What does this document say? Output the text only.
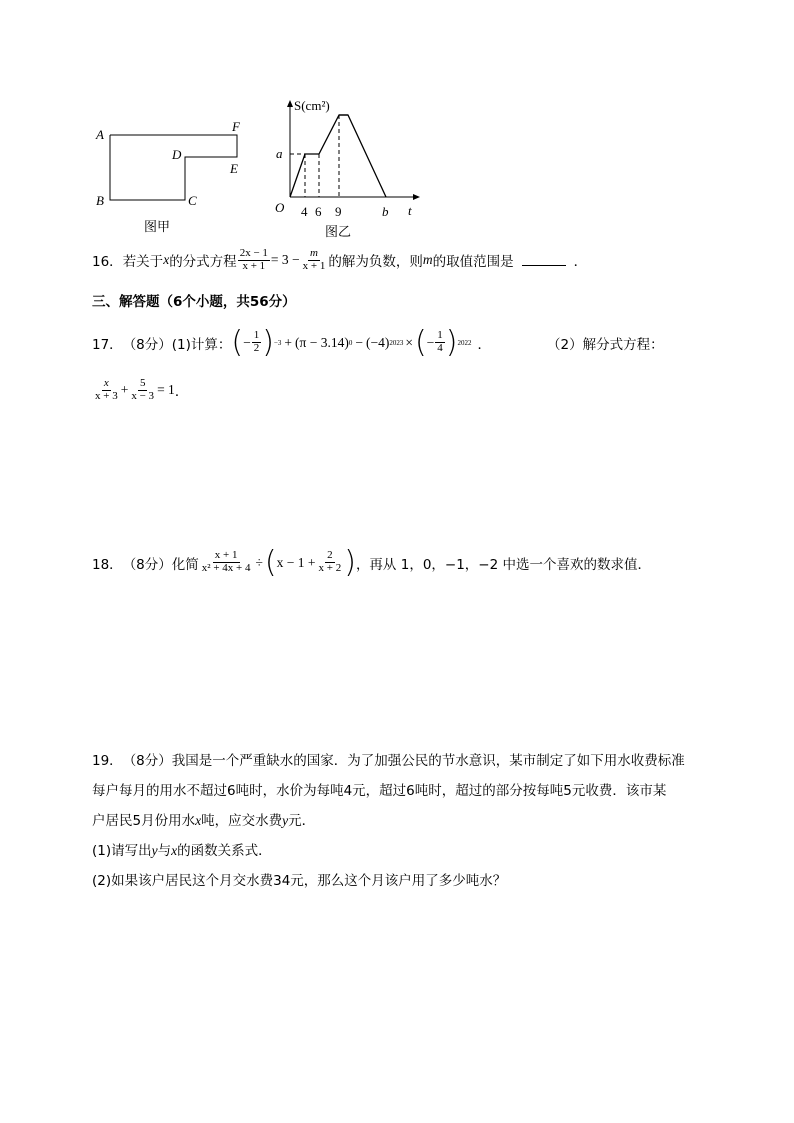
A
B	C
D
E
F
图甲
S(cm²)
t
O
a
4 6 9	b
图乙
16． 若关于 x 的分式方程 $\frac{2x - 1}{x + 1} = 3 - \frac{m}{x + 1}$ 的解为负数，则 m 的取值范围是	．
三、解答题（6个小题，共56分）
17． （8分） (1)计算： ( − $\frac{1}{2}$ ) −3 + (π − 3.14) 0 − (−4) 2023 × ( − $\frac{1}{4}$ ) 2022 ．	（2）解分式方程：
$\frac{x}{x + 3} + \frac{5}{x - 3} = 1$ ．
18． （8分） 化简 $\frac{x + 1}{\text{x² + 4x + 4}}$ ÷ ( $x - 1 + \frac{2}{x + 2}$ ) ，再从 1，0，−1，−2 中选一个喜欢的数求值．
19． （8分） 我国是一个严重缺水的国家．为了加强公民的节水意识，某市制定了如下用水收费标准
每户每月的用水不超过6吨时，水价为每吨4元，超过6吨时，超过的部分按每吨5元收费．该市某
户居民5月份用水 x 吨，应交水费 y 元．
(1)请写出 y 与 x 的函数关系式．
(2)如果该户居民这个月交水费34元，那么这个月该户用了多少吨水？
